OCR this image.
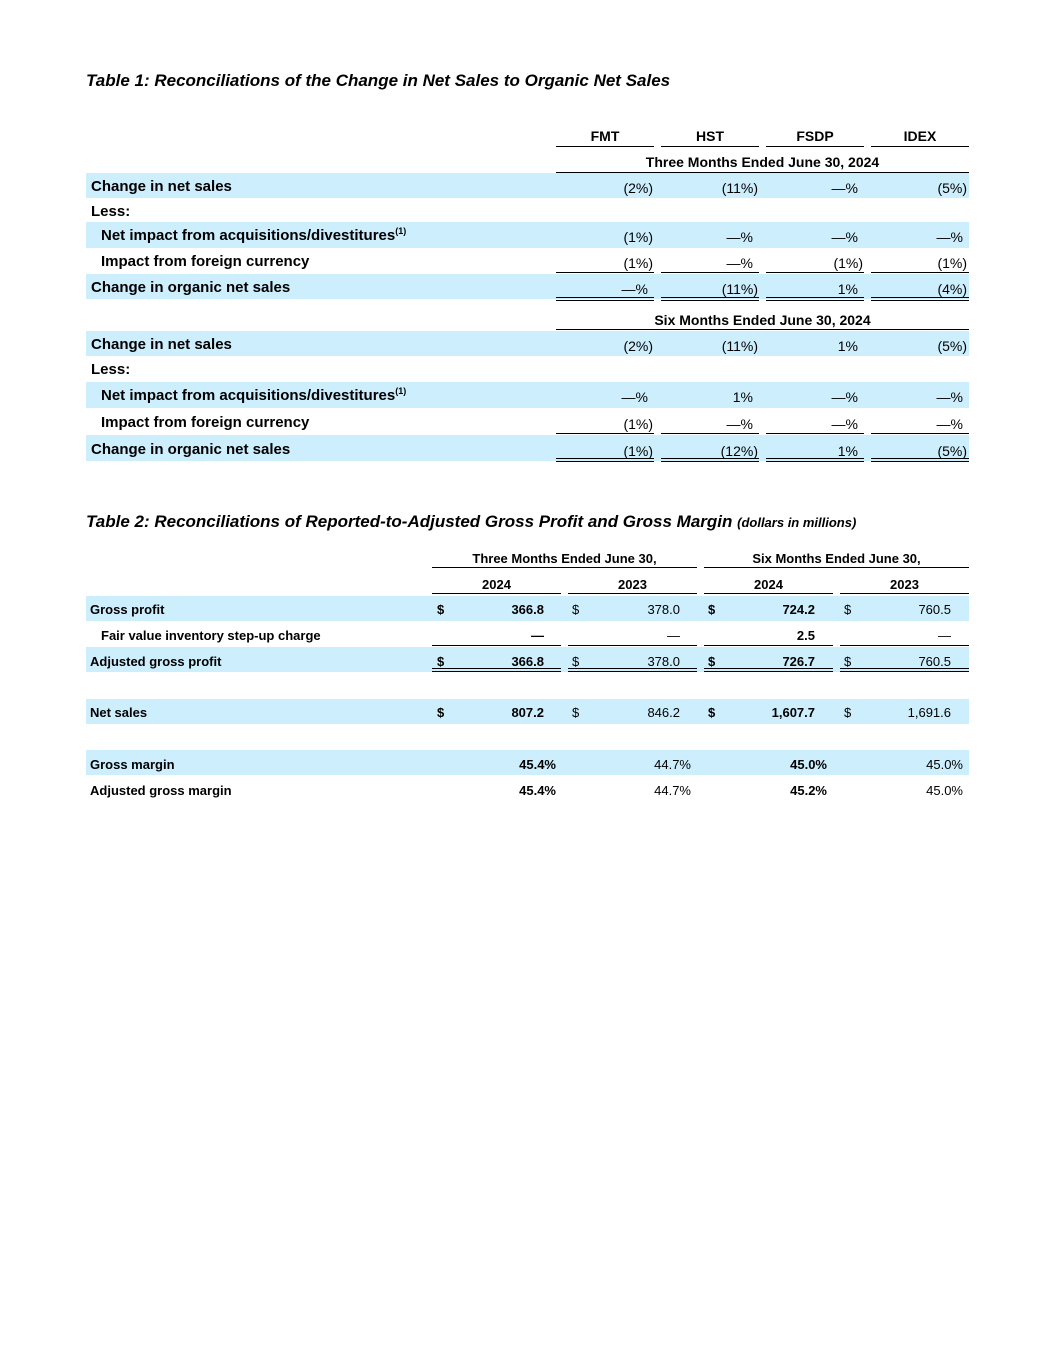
Table 1: Reconciliations of the Change in Net Sales to Organic Net Sales
FMT	HST	FSDP	IDEX
Three Months Ended June 30, 2024
Change in net sales	(2%)	(11%)	—%	(5%)
Less:
Net impact from acquisitions/divestitures$^{(1)}$	(1%)	—%	—%	—%
Impact from foreign currency	(1%)	—%	(1%)	(1%)
Change in organic net sales	—%	(11%)	1%	(4%)
Six Months Ended June 30, 2024
Change in net sales	(2%)	(11%)	1%	(5%)
Less:
Net impact from acquisitions/divestitures$^{(1)}$	—%	1%	—%	—%
Impact from foreign currency	(1%)	—%	—%	—%
Change in organic net sales	(1%)	(12%)	1%	(5%)
Table 2: Reconciliations of Reported-to-Adjusted Gross Profit and Gross Margin (dollars in millions)
Three Months Ended June 30,	Six Months Ended June 30,
2024	2023	2024	2023
Gross profit	$	366.8 $	378.0 $	724.2 $	760.5
Fair value inventory step-up charge	—	—	2.5	—
Adjusted gross profit	$	366.8 $	378.0 $	726.7 $	760.5
Net sales	$	807.2 $	846.2 $	1,607.7 $	1,691.6
Gross margin	45.4%	44.7%	45.0%	45.0%
Adjusted gross margin	45.4%	44.7%	45.2%	45.0%
